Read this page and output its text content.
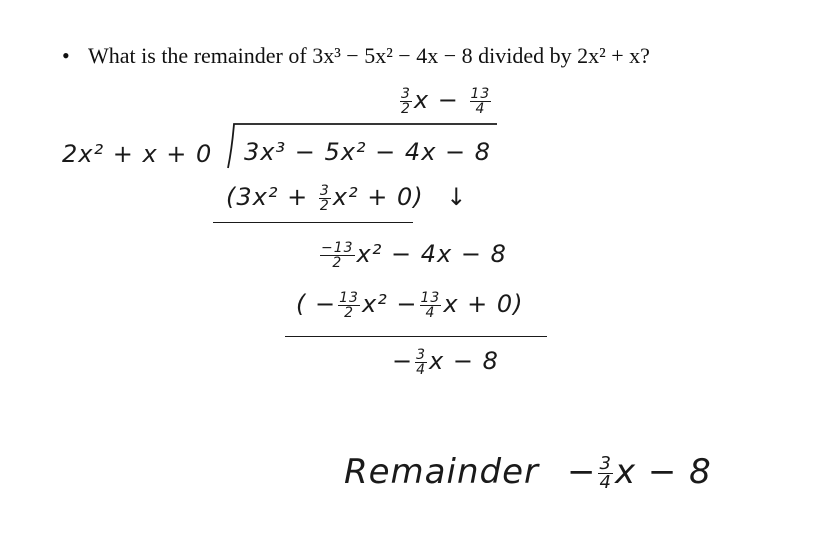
• What is the remainder of 3x³ − 5x² − 4x − 8 divided by 2x² + x?
$\frac{3}{2}$ $x - \frac{13}{4}$
2x² + x + 0 3x³ − 5x² − 4x − 8
$(3x^2 + \frac{3}{2} x^2 + 0)$ ↓
$\frac{-13}{2} x^2 - 4x - 8$
( − $\frac{13}{2} x^2 - \frac{13}{4}$ x + 0)
− $\frac{3}{4}$ x − 8
Remainder − $\frac{3}{4}$ x − 8
